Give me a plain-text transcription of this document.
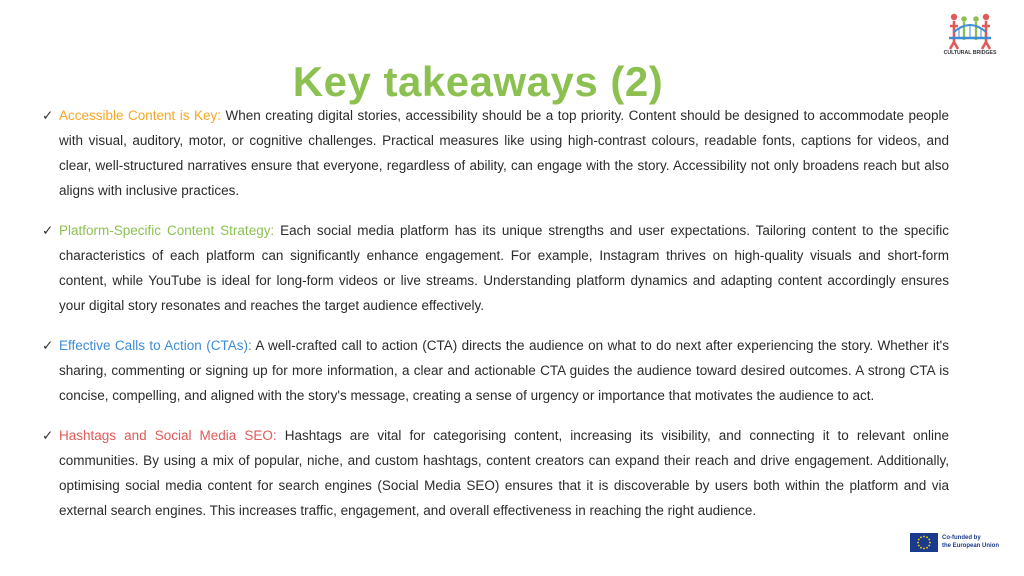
Key takeaways (2)
CULTURAL BRIDGES
✓ Accessible Content is Key: When creating digital stories, accessibility should be a top priority. Content should be designed to accommodate people with visual, auditory, motor, or cognitive challenges. Practical measures like using high-contrast colours, readable fonts, captions for videos, and clear, well-structured narratives ensure that everyone, regardless of ability, can engage with the story. Accessibility not only broadens reach but also aligns with inclusive practices.

✓ Platform-Specific Content Strategy: Each social media platform has its unique strengths and user expectations. Tailoring content to the specific characteristics of each platform can significantly enhance engagement. For example, Instagram thrives on high-quality visuals and short-form content, while YouTube is ideal for long-form videos or live streams. Understanding platform dynamics and adapting content accordingly ensures your digital story resonates and reaches the target audience effectively.

✓ Effective Calls to Action (CTAs): A well-crafted call to action (CTA) directs the audience on what to do next after experiencing the story. Whether it's sharing, commenting or signing up for more information, a clear and actionable CTA guides the audience toward desired outcomes. A strong CTA is concise, compelling, and aligned with the story's message, creating a sense of urgency or importance that motivates the audience to act.

✓ Hashtags and Social Media SEO: Hashtags are vital for categorising content, increasing its visibility, and connecting it to relevant online communities. By using a mix of popular, niche, and custom hashtags, content creators can expand their reach and drive engagement. Additionally, optimising social media content for search engines (Social Media SEO) ensures that it is discoverable by users both within the platform and via external search engines. This increases traffic, engagement, and overall effectiveness in reaching the right audience.

Co-funded by
the European Union
